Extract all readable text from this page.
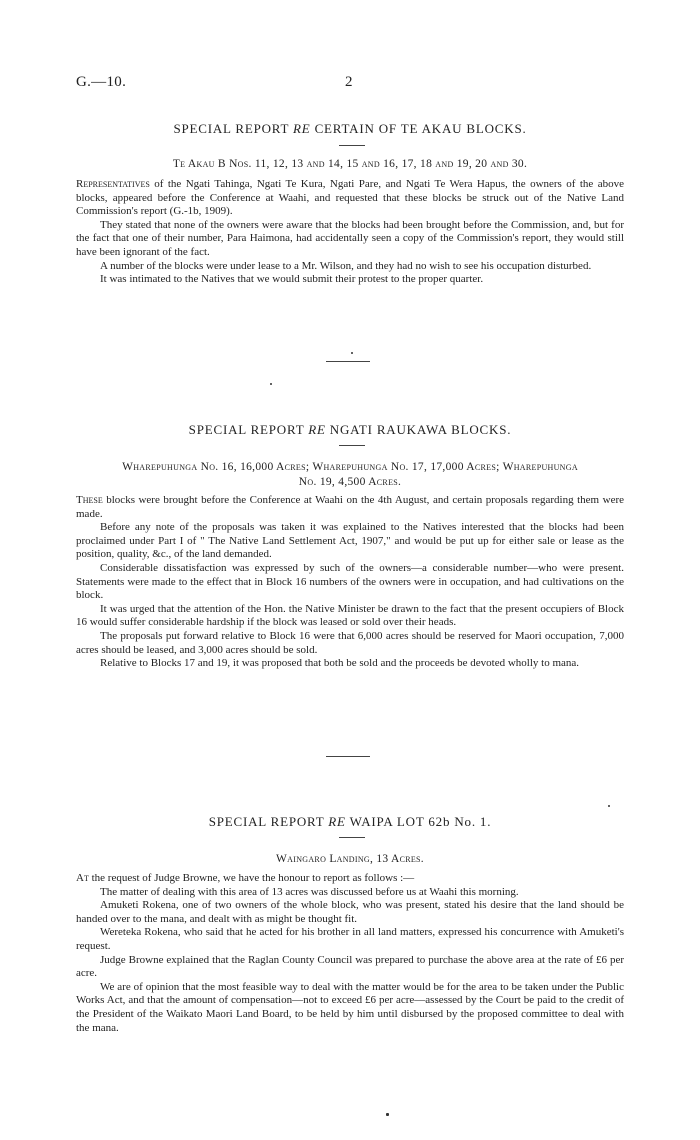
G.—10.	2
SPECIAL REPORT RE CERTAIN OF TE AKAU BLOCKS.
Te Akau B Nos. 11, 12, 13 and 14, 15 and 16, 17, 18 and 19, 20 and 30.

Representatives of the Ngati Tahinga, Ngati Te Kura, Ngati Pare, and Ngati Te Wera Hapus, the owners of the above blocks, appeared before the Conference at Waahi, and requested that these blocks be struck out of the Native Land Commission's report (G.-1b, 1909).

They stated that none of the owners were aware that the blocks had been brought before the Commission, and, but for the fact that one of their number, Para Haimona, had accidentally seen a copy of the Commission's report, they would still have been ignorant of the fact.

A number of the blocks were under lease to a Mr. Wilson, and they had no wish to see his occupation disturbed.

It was intimated to the Natives that we would submit their protest to the proper quarter.

SPECIAL REPORT RE NGATI RAUKAWA BLOCKS.
Wharepuhunga No. 16, 16,000 Acres; Wharepuhunga No. 17, 17,000 Acres; Wharepuhunga
No. 19, 4,500 Acres.

These blocks were brought before the Conference at Waahi on the 4th August, and certain proposals regarding them were made.

Before any note of the proposals was taken it was explained to the Natives interested that the blocks had been proclaimed under Part I of " The Native Land Settlement Act, 1907," and would be put up for either sale or lease as the position, quality, &c., of the land demanded.

Considerable dissatisfaction was expressed by such of the owners—a considerable number—who were present. Statements were made to the effect that in Block 16 numbers of the owners were in occupation, and had cultivations on the block.

It was urged that the attention of the Hon. the Native Minister be drawn to the fact that the present occupiers of Block 16 would suffer considerable hardship if the block was leased or sold over their heads.

The proposals put forward relative to Block 16 were that 6,000 acres should be reserved for Maori occupation, 7,000 acres should be leased, and 3,000 acres should be sold.

Relative to Blocks 17 and 19, it was proposed that both be sold and the proceeds be devoted wholly to mana.

SPECIAL REPORT RE WAIPA LOT 62b No. 1.
Waingaro Landing, 13 Acres.

At the request of Judge Browne, we have the honour to report as follows :—

The matter of dealing with this area of 13 acres was discussed before us at Waahi this morning.

Amuketi Rokena, one of two owners of the whole block, who was present, stated his desire that the land should be handed over to the mana, and dealt with as might be thought fit.

Wereteka Rokena, who said that he acted for his brother in all land matters, expressed his concurrence with Amuketi's request.

Judge Browne explained that the Raglan County Council was prepared to purchase the above area at the rate of £6 per acre.

We are of opinion that the most feasible way to deal with the matter would be for the area to be taken under the Public Works Act, and that the amount of compensation—not to exceed £6 per acre—assessed by the Court be paid to the credit of the President of the Waikato Maori Land Board, to be held by him until disbursed by the proposed committee to deal with the mana.
